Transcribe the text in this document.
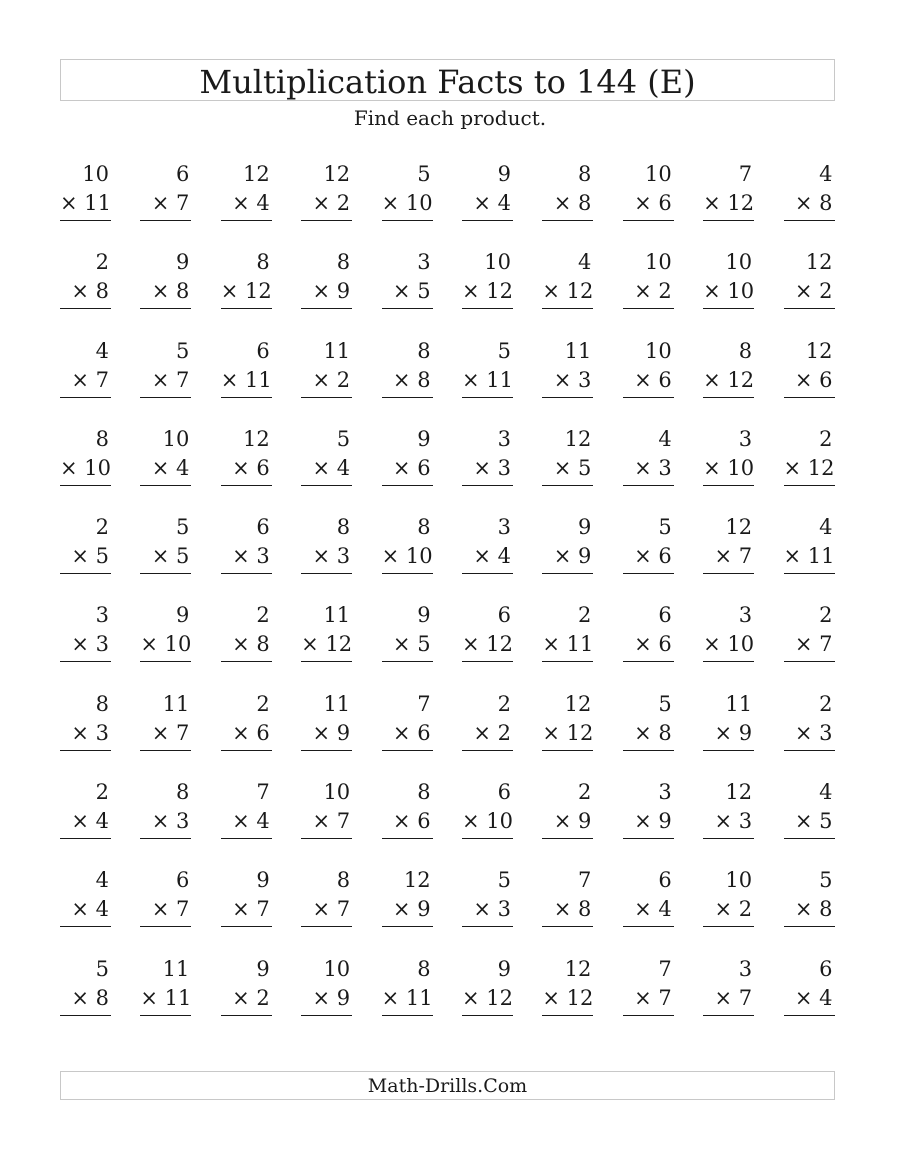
Multiplication Facts to 144 (E)
Find each product.
10
× 11
6
× 7
12
× 4
12
× 2
5
× 10
9
× 4
8
× 8
10
× 6
7
× 12
4
× 8
2
× 8
9
× 8
8
× 12
8
× 9
3
× 5
10
× 12
4
× 12
10
× 2
10
× 10
12
× 2
4
× 7
5
× 7
6
× 11
11
× 2
8
× 8
5
× 11
11
× 3
10
× 6
8
× 12
12
× 6
8
× 10
10
× 4
12
× 6
5
× 4
9
× 6
3
× 3
12
× 5
4
× 3
3
× 10
2
× 12
2
× 5
5
× 5
6
× 3
8
× 3
8
× 10
3
× 4
9
× 9
5
× 6
12
× 7
4
× 11
3
× 3
9
× 10
2
× 8
11
× 12
9
× 5
6
× 12
2
× 11
6
× 6
3
× 10
2
× 7
8
× 3
11
× 7
2
× 6
11
× 9
7
× 6
2
× 2
12
× 12
5
× 8
11
× 9
2
× 3
2
× 4
8
× 3
7
× 4
10
× 7
8
× 6
6
× 10
2
× 9
3
× 9
12
× 3
4
× 5
4
× 4
6
× 7
9
× 7
8
× 7
12
× 9
5
× 3
7
× 8
6
× 4
10
× 2
5
× 8
5
× 8
11
× 11
9
× 2
10
× 9
8
× 11
9
× 12
12
× 12
7
× 7
3
× 7
6
× 4
Math-Drills.Com
